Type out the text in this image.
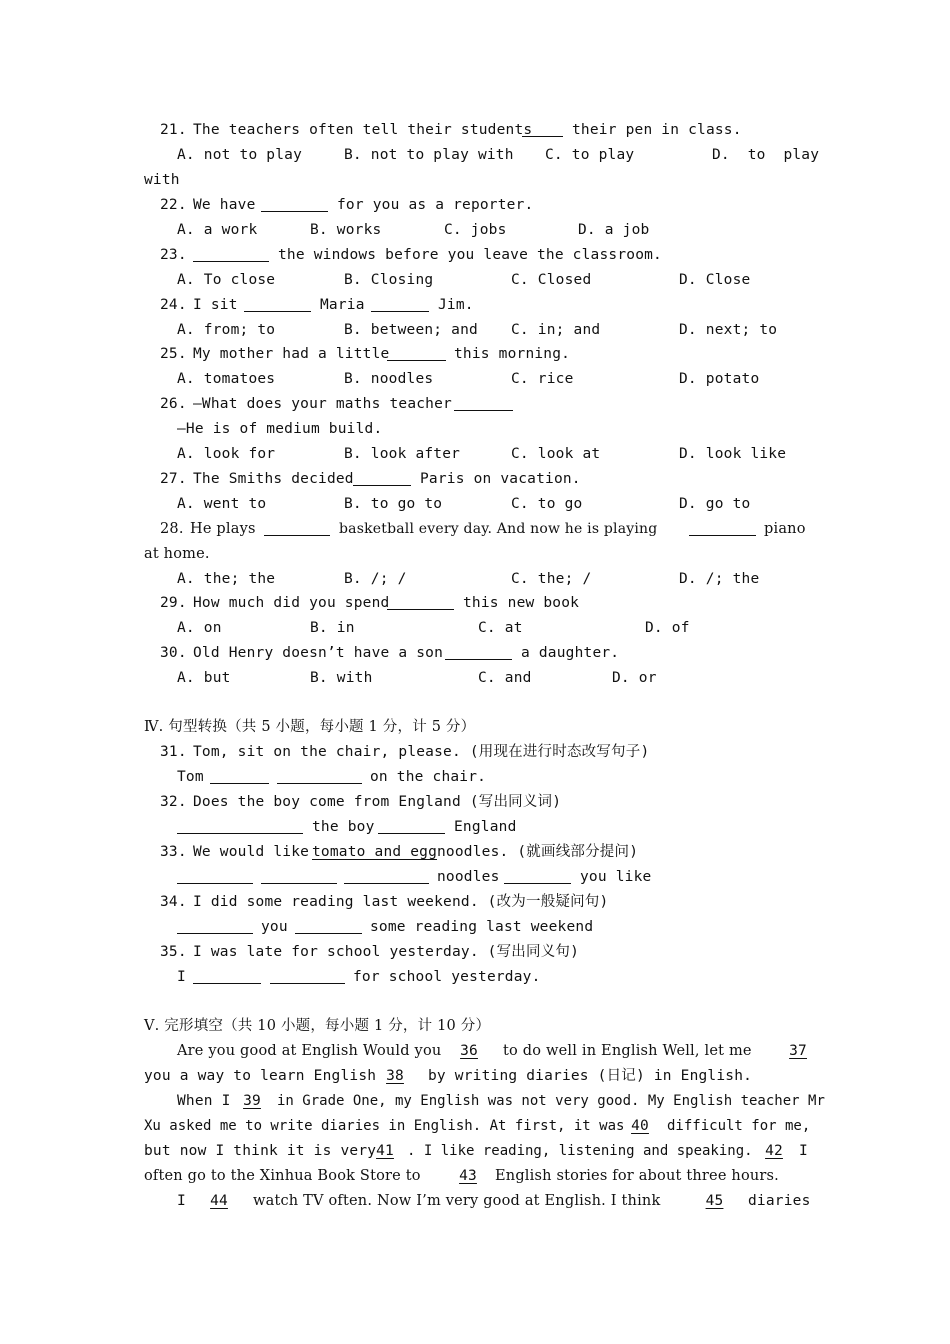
21. The teachers often tell their students	their pen in class.
A. not to play	B. not to play with C. to play	D.  to  play
with
22. We have	for you as a reporter.
A. a work	B. works	C. jobs	D. a job
23.	the windows before you leave the classroom.
A. To close	B. Closing	C. Closed	D. Close
24. I sit	Maria	Jim.
A. from; to	B. between; and C. in; and	D. next; to
25. My mother had a little	this morning.
A. tomatoes	B. noodles	C. rice	D. potato
26. —What does your maths teacher
—He is of medium build.
A. look for	B. look after	C. look at	D. look like
27. The Smiths decided	Paris on vacation.
A. went to	B. to go to	C. to go	D. go to
28. He plays	basketball every day. And now he is playing	piano
at home.
A. the; the	B. /; /	C. the; /	D. /; the
29. How much did you spend	this new book
A. on	B. in	C. at	D. of
30. Old Henry doesn’t have a son	a daughter.
A. but	B. with	C. and	D. or
Ⅳ. 句型转换（共 5 小题，每小题 1 分，计 5 分）
31. Tom, sit on the chair, please. (用现在进行时态改写句子)
Tom	on the chair.
32. Does the boy come from England (写出同义词)
the boy	England
33. We would like tomato and egg noodles. (就画线部分提问)
noodles	you like
34. I did some reading last weekend. (改为一般疑问句)
you	some reading last weekend
35. I was late for school yesterday. (写出同义句)
I	for school yesterday.
Ⅴ. 完形填空（共 10 小题，每小题 1 分，计 10 分）
Are you good at English Would you	36	to do well in English Well, let me	37
you a way to learn English 38	by writing diaries (日记) in English.
When I 39	in Grade One, my English was not very good. My English teacher Mr
Xu asked me to write diaries in English. At first, it was 40	difficult for me,
but now I think it is very 41 . I like reading, listening and speaking. 42	I
often go to the Xinhua Book Store to	43	English stories for about three hours.
I	44	watch TV often. Now I’m very good at English. I think	45	diaries
